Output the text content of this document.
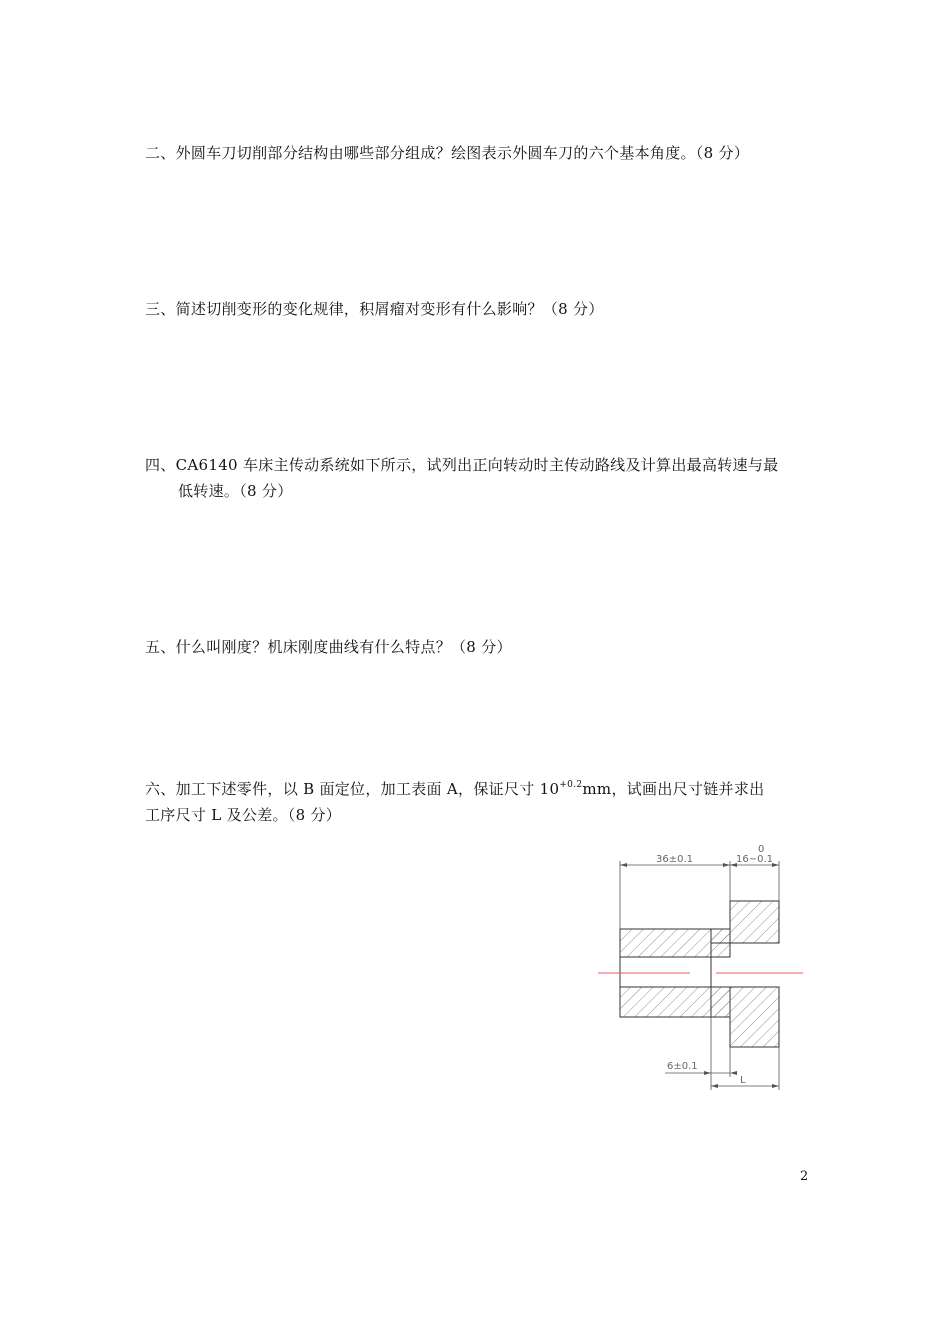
二、外圆车刀切削部分结构由哪些部分组成？绘图表示外圆车刀的六个基本角度。（8 分）
三、简述切削变形的变化规律，积屑瘤对变形有什么影响？（8 分）
四、CA6140 车床主传动系统如下所示，试列出正向转动时主传动路线及计算出最高转速与最
低转速。（8 分）
五、什么叫刚度？机床刚度曲线有什么特点？（8 分）
六、加工下述零件，以 B 面定位，加工表面 A，保证尺寸 $10^{+0.2}mm$，试画出尺寸链并求出
工序尺寸 L 及公差。（8 分）
36±0.1
0
16−0.1
6±0.1
L
2
